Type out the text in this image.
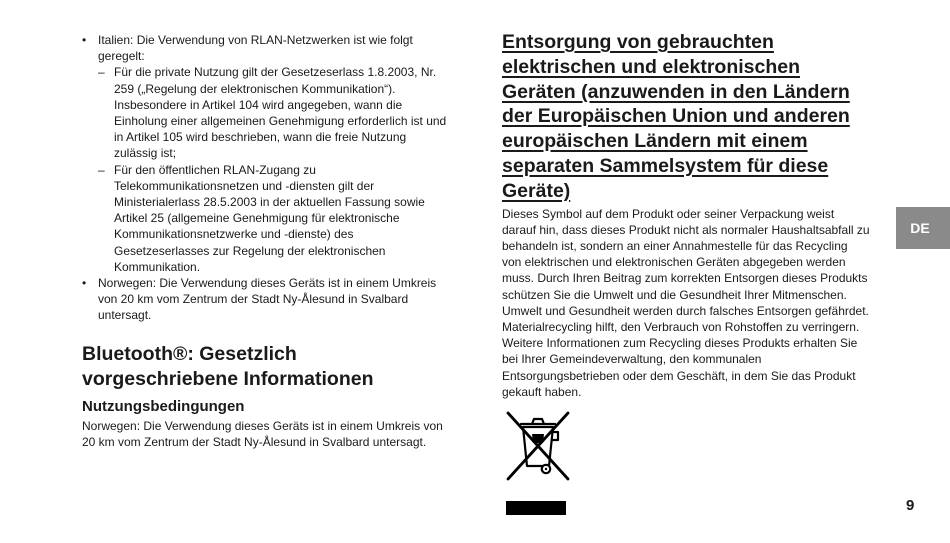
• Italien: Die Verwendung von RLAN-Netzwerken ist wie folgt geregelt:
– Für die private Nutzung gilt der Gesetzeserlass 1.8.2003, Nr. 259 („Regelung der elektronischen Kommunikation“). Insbesondere in Artikel 104 wird angegeben, wann die Einholung einer allgemeinen Genehmigung erforderlich ist und in Artikel 105 wird beschrieben, wann die freie Nutzung zulässig ist;
– Für den öffentlichen RLAN-Zugang zu Telekommunikationsnetzen und -diensten gilt der Ministerialerlass 28.5.2003 in der aktuellen Fassung sowie Artikel 25 (allgemeine Genehmigung für elektronische Kommunikationsnetzwerke und -dienste) des Gesetzeserlasses zur Regelung der elektronischen Kommunikation.
• Norwegen: Die Verwendung dieses Geräts ist in einem Umkreis von 20 km vom Zentrum der Stadt Ny-Ålesund in Svalbard untersagt.
Bluetooth®: Gesetzlich vorgeschriebene Informationen
Nutzungsbedingungen

Norwegen: Die Verwendung dieses Geräts ist in einem Umkreis von 20 km vom Zentrum der Stadt Ny-Ålesund in Svalbard untersagt.

Entsorgung von gebrauchten elektrischen und elektronischen Geräten (anzuwenden in den Ländern der Europäischen Union und anderen europäischen Ländern mit einem separaten Sammelsystem für diese Geräte)

Dieses Symbol auf dem Produkt oder seiner Verpackung weist darauf hin, dass dieses Produkt nicht als normaler Haushaltsabfall zu behandeln ist, sondern an einer Annahmestelle für das Recycling von elektrischen und elektronischen Geräten abgegeben werden muss. Durch Ihren Beitrag zum korrekten Entsorgen dieses Produkts schützen Sie die Umwelt und die Gesundheit Ihrer Mitmenschen. Umwelt und Gesundheit werden durch falsches Entsorgen gefährdet. Materialrecycling hilft, den Verbrauch von Rohstoffen zu verringern. Weitere Informationen zum Recycling dieses Produkts erhalten Sie bei Ihrer Gemeindeverwaltung, den kommunalen Entsorgungsbetrieben oder dem Geschäft, in dem Sie das Produkt gekauft haben.

DE
9
